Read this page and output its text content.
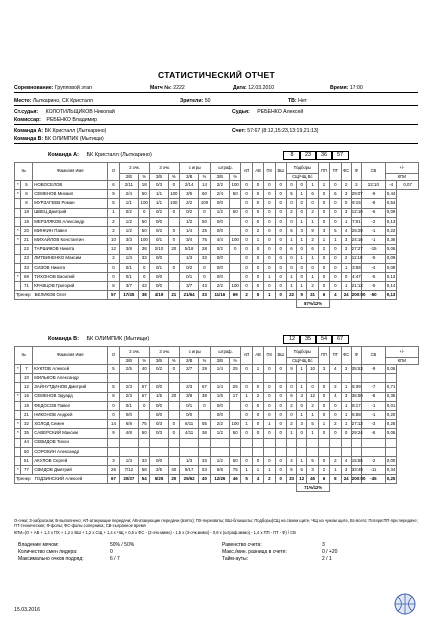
СТАТИСТИЧЕСКИЙ ОТЧЕТ
Соревнование: Групповой этап	Матч №: 2222	Дата: 12.03.2010	Время: 17:00
Место: Лыткарино, СК Кристалл	Зрители: 50	ТВ: Нет
Ст.судья: КОЛОТИЛЬЩИКОВ Николай	Судья: РЕБЕНКО Алексей
Комиссар: РЕБЕНКО Владимир
Команда А: БК Кристалл (Лыткарино)	Счет: 57:67 (8:12,15:23,13:19,21:13)
Команда В: БК ОЛИМПИК (Мытищи)
Команда А: БК Кристалл (Лыткарино)	8	23	36	57
№		Фамилия Имя	О	2 очк.		3 очк.		с игры		штраф.		АП	АВ	ПХ	ВШ	Подборы			ПП	ПТ	ФС	Ф	СВ	+/-	
				З/В	%	З/В	%	З/В	%	З/В	%					СЩ/ЧЩ Вс								КПИ	
*	5	НОВОСЕЛОВ	6	2/11	18	0/3	0	2/14	14	2/2	100	0	0	0	0	0	0	1	1	0	2	2	22:10	-4	0,07
*	8	СЕМЕНОВ Михаил	9	2/4	50	1/1	100	3/5	60	2/4	50	0	0	0	0	5	1	6	0	6	3	29:07	-9	0,44	
	8	МУРЗАГЕЕВ Роман	5	1/1	100	1/1	100	2/2	100	0/0		0	0	0	0	0	0	0	0	0	0	9:15	-8	0,54	
	18	ШВЕЦ Дмитрий	1	0/2	0	0/2	0	0/2	0	1/2	50	0	0	0	0	2	0	2	0	0	3	12:10	-6	0,09	
	19	МЕРЗЛЯКОВ Александр	2	1/2	50	0/0		1/2	50	0/0		0	0	0	0	0	1	1	0	0	1	7:01	-2	0,13	
*	20	МИНКИН Павел	2	1/2	50	0/2	0	1/4	25	0/0		0	2	0	0	6	3	9	3	5	4	25:29	-1	0,22	
*	21	МИХАЙЛОВ Константин	10	3/3	100	0/1	0	3/4	75	4/4	100	0	1	0	0	1	1	2	1	1	3	24:16	-1	0,36	
	22	ТАРШИКОВ Никита	12	3/8	38	2/10	20	5/18	28	0/2	0	0	0	0	0	6	0	6	2	0	3	27:27	-15	0,06	
	23	ЛИТВИНЕНКО Максим	2	1/3	33	0/0		1/3	33	0/0		0	0	0	0	0	1	1	0	0	2	11:10	-5	0,09	
	33	СИЗОВ Никита	0	0/1	0	0/1	0	0/2	0	0/0		0	0	0	0	0	0	0	0	0	1	3:58	-4	0,08	
*	69	ТИХОНОВ Василий	0	0/1	0	0/0		0/1	0	0/0		0	0	1	0	1	0	1	0	0	0	4:47	-5	0,13	
	71	КРАВЦОВ Григорий	8	3/7	43	0/0		3/7	43	2/2	100	0	0	0	0	1	1	2	0	0	1	21:13	-5	0,14	
Тренер БЕЛИКОВ Олег			57	17/45	38	4/19	21	21/64	33	11/16	69	2	5	1	0	22	9	31	6	4	24	200:00	-50	0,13	
																	87%/12%								
Команда В: БК ОЛИМПИК (Мытищи)	12	35	54	67
№		Фамилия Имя	О	2 очк.		3 очк.		с игры		штраф.		АП	АВ	ПХ	ВШ	Подборы			ПП	ПТ	ФС	Ф	СВ	+/-
				З/В	%	З/В	%	З/В	%	З/В	%					СЩ/ЧЩ Вс								КПИ
*	7	КУКТОВ Алексей	5	2/5	40	0/2	0	2/7	29	1/4	25	0	1	0	0	9	1	10	3	4	3	35:53	-9	0,06
	10	МИЛЬКОВ Александр																						
	12	ЗАЙНУТДИНОВ Дмитрий	5	2/3	67	0/0		2/3	67	1/4	25	0	0	0	0	0	1	0	0	2	1	5:39	-7	0,71
*	16	СЕМЕНОВ Эдуард	8	2/3	67	1/5	20	3/8	38	1/6	17	1	2	0	0	9	3	12	0	4	3	36:50	-8	0,35
	19	ФЕДОСОВ Павел	0	0/1	0	0/0		0/1	0	0/0		0	0	0	0	2	0	2	0	0	1	8:17	-1	0,01
	21	НИКОНОВ Андрей	0	0/0		0/0		0/0		0/0		0	0	0	0	0	1	1	0	0	1	6:58	-1	0,20
*	32	ХОЛОД Семен	14	6/8	75	0/3	0	6/11	55	2/2	100	1	0	1	0	2	3	5	1	2	1	27:13	-3	0,25
*	35	САВЕРСКИЙ Максим	9	4/8	50	0/3	0	4/11	36	1/2	50	0	0	0	0	1	0	1	0	0	0	29:24	-6	0,06
	44	СЕВИДОВ Тихон																						
	50	СОРОКИН Александр																						
	51	АКУЛОВ Сергей	3	1/3	33	0/0		1/3	33	1/2	50	0	0	0	0	4	1	5	0	2	4	15:55	-2	0,00
*	77	СВИДОВ Дмитрий	26	7/12	58	2/5	40	9/17	53	6/8	75	1	1	1	0	5	6	3	2	1	3	33:49	-11	0,34
Тренер ГОДЗИНСКИЙ Алексей			67	20/37	54	5/25	20	25/62	40	12/26	46	5	4	2	0	33	12	45	6	8	24	200:00	-45	0,25
																	71%/12%							
О-очки; З-забросили; В-выполнено; АП-атакующие передачи; АВ-атакующие передачи (взято); ПХ-перехваты; ВШ-блокшоты; Подборы(СЩ на своем щите, ЧЩ на чужом щите, Вс-всего; Потери:ПП-при передаче; ПТ-технические; Ф-фолы; ФС-фолы соперника; СВ-сыгранное время
КПИ=(О + АВ + 1,4 х ПХ + 1,2 х ВШ + 1,2 х СЩ + 1,4 х ЧЩ + 0,5 х ФС - (2-очк.мимо) - 1,5 х (3-очк.мимо) - 0,8 х (штраф.мимо) - 1,4 х ПП - ПТ - Ф) / СВ
Владение мячом:	50% / 50%
Количество смен лидера:	0
Максимально очков подряд:	6 / 7
Равенство счета:	3
Макс./мин. разница в счете:	0 / +20
Тайм-ауты:	2 / 1
15.03.2016
